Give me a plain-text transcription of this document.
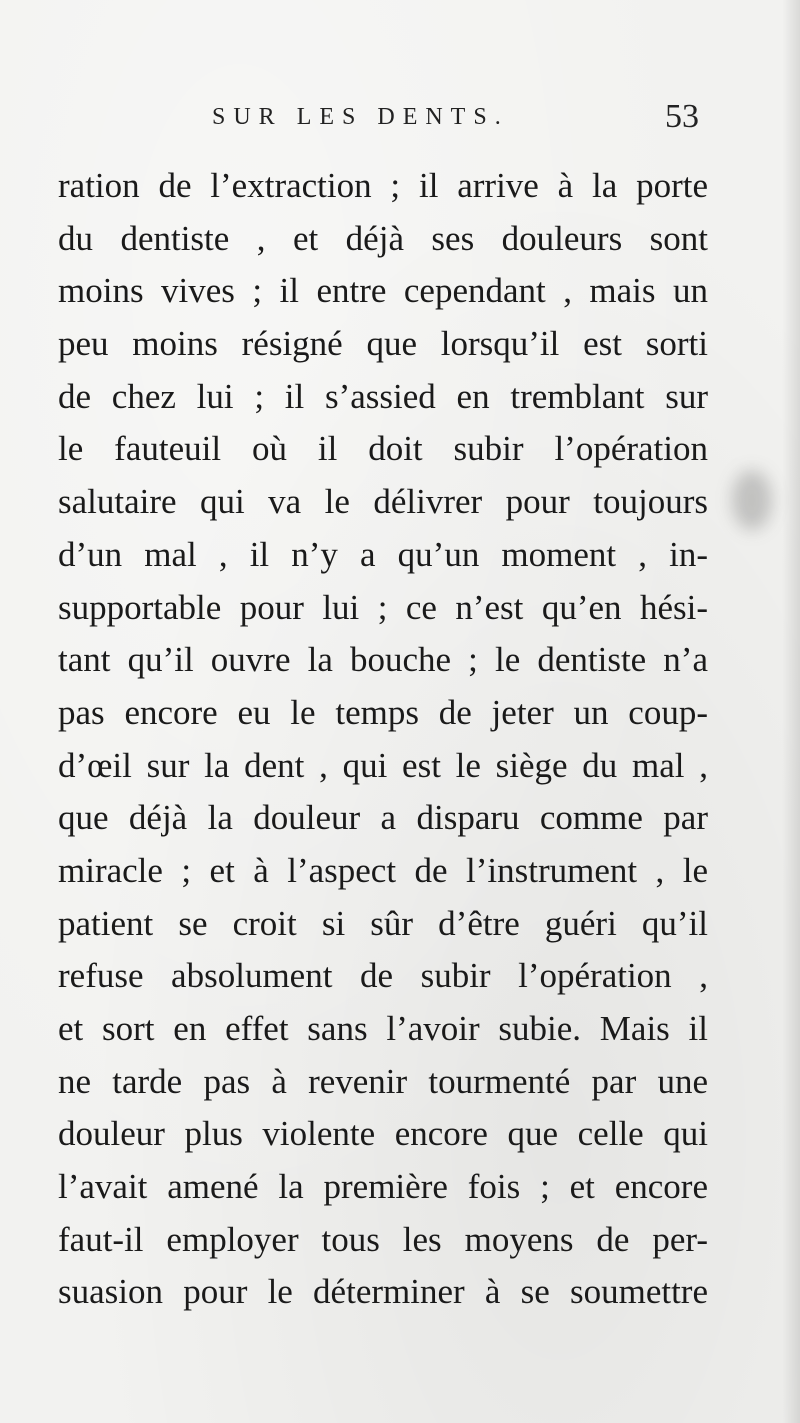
SUR LES DENTS.	53
ration de l’extraction ; il arrive à la porte
du dentiste , et déjà ses douleurs sont
moins vives ; il entre cependant , mais un
peu moins résigné que lorsqu’il est sorti
de chez lui ; il s’assied en tremblant sur
le fauteuil où il doit subir l’opération
salutaire qui va le délivrer pour toujours
d’un mal , il n’y a qu’un moment , in-
supportable pour lui ; ce n’est qu’en hési-
tant qu’il ouvre la bouche ; le dentiste n’a
pas encore eu le temps de jeter un coup-
d’œil sur la dent , qui est le siège du mal ,
que déjà la douleur a disparu comme par
miracle ; et à l’aspect de l’instrument , le
patient se croit si sûr d’être guéri qu’il
refuse absolument de subir l’opération ,
et sort en effet sans l’avoir subie. Mais il
ne tarde pas à revenir tourmenté par une
douleur plus violente encore que celle qui
l’avait amené la première fois ; et encore
faut-il employer tous les moyens de per-
suasion pour le déterminer à se soumettre
